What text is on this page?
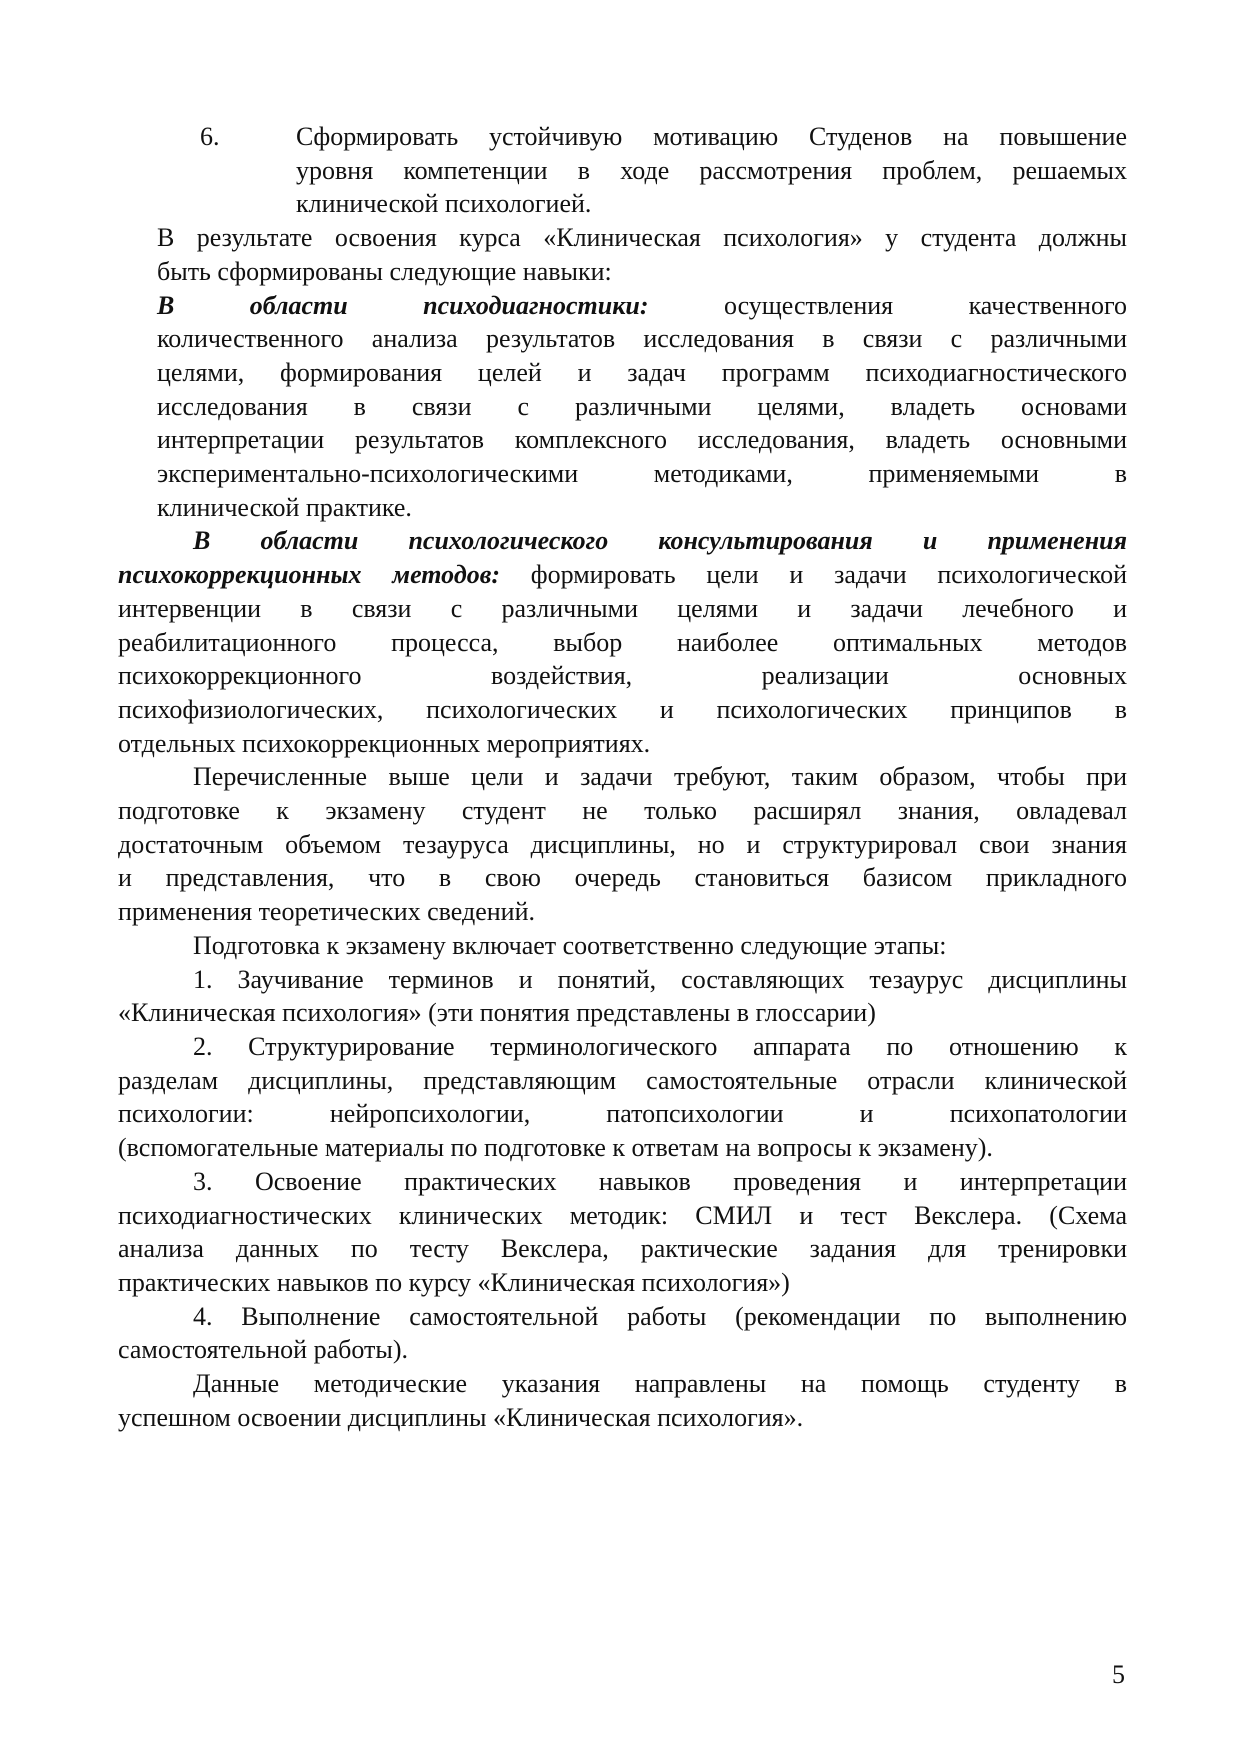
6.	Сформировать устойчивую мотивацию Студенов на повышение
уровня компетенции в ходе рассмотрения проблем, решаемых
клинической психологией.
В результате освоения курса «Клиническая психология» у студента должны
быть сформированы следующие навыки:
В области психодиагностики: осуществления качественного
количественного анализа результатов исследования в связи с различными
целями, формирования целей и задач программ психодиагностического
исследования в связи с различными целями, владеть основами
интерпретации результатов комплексного исследования, владеть основными
экспериментально-психологическими методиками, применяемыми в
клинической практике.
В области психологического консультирования и применения
психокоррекционных методов: формировать цели и задачи психологической
интервенции в связи с различными целями и задачи лечебного и
реабилитационного процесса, выбор наиболее оптимальных методов
психокоррекционного воздействия, реализации основных
психофизиологических, психологических и психологических принципов в
отдельных психокоррекционных мероприятиях.
Перечисленные выше цели и задачи требуют, таким образом, чтобы при
подготовке к экзамену студент не только расширял знания, овладевал
достаточным объемом тезауруса дисциплины, но и структурировал свои знания
и представления, что в свою очередь становиться базисом прикладного
применения теоретических сведений.
Подготовка к экзамену включает соответственно следующие этапы:
1. Заучивание терминов и понятий, составляющих тезаурус дисциплины
«Клиническая психология» (эти понятия представлены в глоссарии)
2. Структурирование терминологического аппарата по отношению к
разделам дисциплины, представляющим самостоятельные отрасли клинической
психологии: нейропсихологии, патопсихологии и психопатологии
(вспомогательные материалы по подготовке к ответам на вопросы к экзамену).
3. Освоение практических навыков проведения и интерпретации
психодиагностических клинических методик: СМИЛ и тест Векслера. (Схема
анализа данных по тесту Векслера, рактические задания для тренировки
практических навыков по курсу «Клиническая психология»)
4. Выполнение самостоятельной работы (рекомендации по выполнению
самостоятельной работы).
Данные методические указания направлены на помощь студенту в
успешном освоении дисциплины «Клиническая психология».
5
